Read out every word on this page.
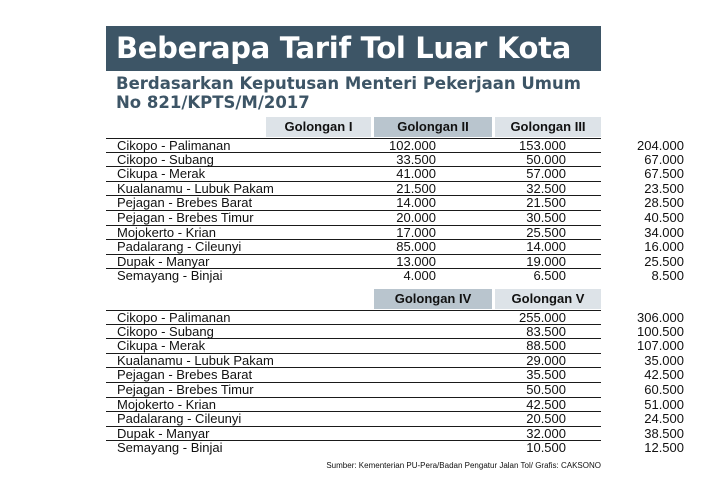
Beberapa Tarif Tol Luar Kota
Berdasarkan Keputusan Menteri Pekerjaan Umum No 821/KPTS/M/2017
Golongan I	Golongan II	Golongan III
Cikopo - Palimanan	102.000	153.000	204.000
Cikopo - Subang	33.500	50.000	67.000
Cikupa - Merak	41.000	57.000	67.500
Kualanamu - Lubuk Pakam	21.500	32.500	23.500
Pejagan - Brebes Barat	14.000	21.500	28.500
Pejagan - Brebes Timur	20.000	30.500	40.500
Mojokerto - Krian	17.000	25.500	34.000
Padalarang - Cileunyi	85.000	14.000	16.000
Dupak - Manyar	13.000	19.000	25.500
Semayang - Binjai	4.000	6.500	8.500
Golongan IV	Golongan V
Cikopo - Palimanan	255.000	306.000
Cikopo - Subang	83.500	100.500
Cikupa - Merak	88.500	107.000
Kualanamu - Lubuk Pakam	29.000	35.000
Pejagan - Brebes Barat	35.500	42.500
Pejagan - Brebes Timur	50.500	60.500
Mojokerto - Krian	42.500	51.000
Padalarang - Cileunyi	20.500	24.500
Dupak - Manyar	32.000	38.500
Semayang - Binjai	10.500	12.500
Sumber: Kementerian PU-Pera/Badan Pengatur Jalan Tol/ Grafis: CAKSONO
